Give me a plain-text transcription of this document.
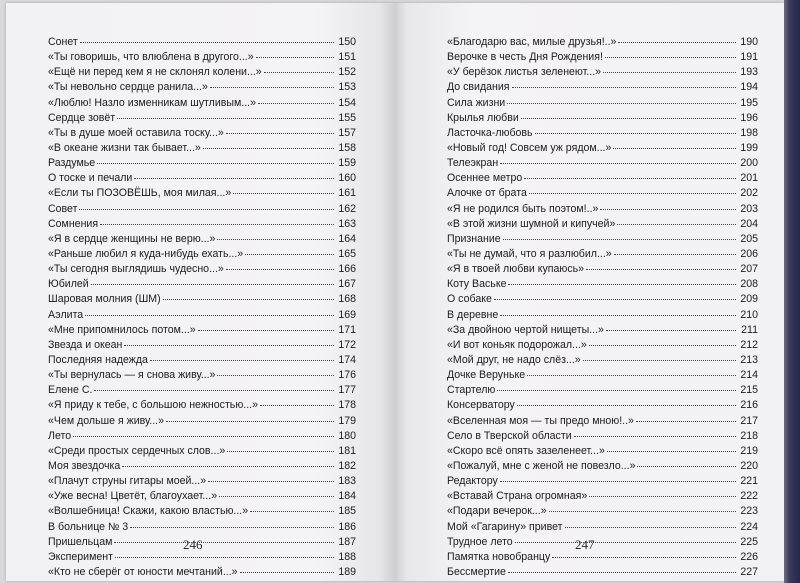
Сонет	150
«Ты говоришь, что влюблена в другого...»	151
«Ещё ни перед кем я не склонял колени...»	152
«Ты невольно сердце ранила...»	153
«Люблю! Назло изменникам шутливым...»	154
Сердце зовёт	155
«Ты в душе моей оставила тоску...»	157
«В океане жизни так бывает...»	158
Раздумье	159
О тоске и печали	160
«Если ты ПОЗОВЁШЬ, моя милая...»	161
Совет	162
Сомнения	163
«Я в сердце женщины не верю...»	164
«Раньше любил я куда-нибудь ехать...»	165
«Ты сегодня выглядишь чудесно...»	166
Юбилей	167
Шаровая молния (ШМ)	168
Аэлита	169
«Мне припомнилось потом...»	171
Звезда и океан	172
Последняя надежда	174
«Ты вернулась — я снова живу...»	176
Елене С.	177
«Я приду к тебе, с большою нежностью...»	178
«Чем дольше я живу...»	179
Лето	180
«Среди простых сердечных слов...»	181
Моя звездочка	182
«Плачут струны гитары моей...»	183
«Уже весна! Цветёт, благоухает...»	184
«Волшебница! Скажи, какою властью...»	185
В больнице № 3	186
Пришельцам	187
Эксперимент	188
«Кто не сберёг от юности мечтаний...»	189
246
«Благодарю вас, милые друзья!..»	190
Верочке в честь Дня Рождения!	191
«У берёзок листья зеленеют...»	193
До свидания	194
Сила жизни	195
Крылья любви	196
Ласточка-любовь	198
«Новый год! Совсем уж рядом...»	199
Телеэкран	200
Осеннее метро	201
Алочке от брата	202
«Я не родился быть поэтом!..»	203
«В этой жизни шумной и кипучей»	204
Признание	205
«Ты не думай, что я разлюбил...»	206
«Я в твоей любви купаюсь»	207
Коту Ваське	208
О собаке	209
В деревне	210
«За двойною чертой нищеты...»	211
«И вот коньяк подорожал...»	212
«Мой друг, не надо слёз...»	213
Дочке Веруньке	214
Стартелю	215
Консерватору	216
«Вселенная моя — ты предо мною!..»	217
Село в Тверской области	218
«Скоро всё опять зазеленеет...»	219
«Пожалуй, мне с женой не повезло...»	220
Редактору	221
«Вставай Страна огромная»	222
«Подари вечерок...»	223
Мой «Гагарину» привет	224
Трудное лето	225
Памятка новобранцу	226
Бессмертие	227
247
